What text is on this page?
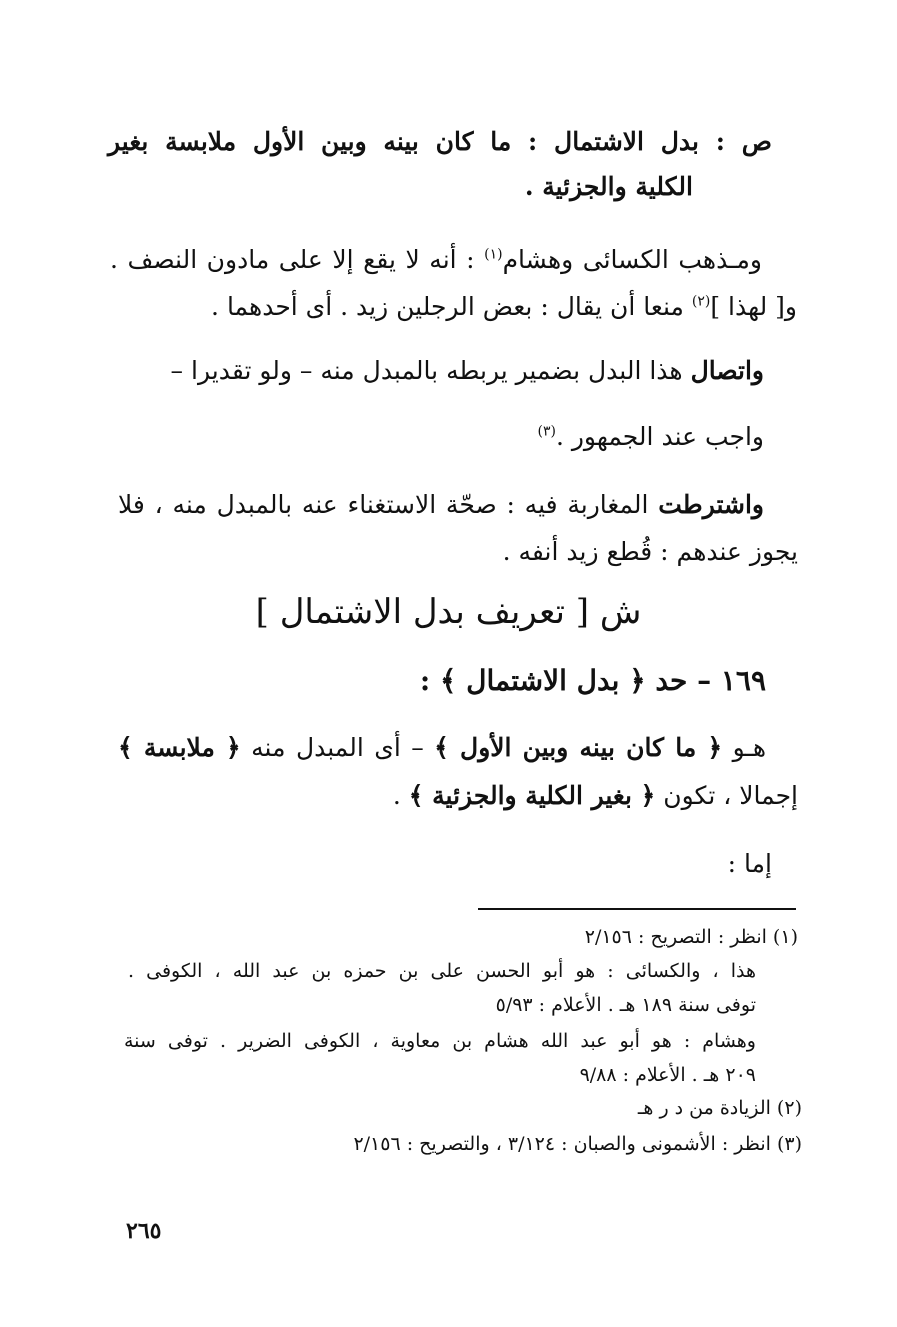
ص : بدل الاشتمال : ما كان بينه وبين الأول ملابسة بغير
الكلية والجزئية .
ومـذهب الكسائى وهشام$^{(١)}$ : أنه لا يقع إلا على مادون النصف .
و[ لهذا ]$^{(٢)}$ منعا أن يقال : بعض الرجلين زيد . أى أحدهما .
واتصال هذا البدل بضمير يربطه بالمبدل منه – ولو تقديرا –
واجب عند الجمهور .$^{(٣)}$
واشترطت المغاربة فيه : صحّة الاستغناء عنه بالمبدل منه ، فلا
يجوز عندهم : قُطع زيد أنفه .
ش [ تعريف بدل الاشتمال ]
١٦٩ – حد ﴿ بدل الاشتمال ﴾ :
هـو ﴿ ما كان بينه وبين الأول ﴾ – أى المبدل منه ﴿ ملابسة ﴾
إجمالا ، تكون ﴿ بغير الكلية والجزئية ﴾ .
إما :
(١) انظر : التصريح : ٢/١٥٦
هذا ، والكسائى : هو أبو الحسن على بن حمزه بن عبد الله ، الكوفى .
توفى سنة ١٨٩ هـ . الأعلام : ٥/٩٣
وهشام : هو أبو عبد الله هشام بن معاوية ، الكوفى الضرير . توفى سنة
٢٠٩ هـ . الأعلام : ٩/٨٨
(٢) الزيادة من د ر هـ
(٣) انظر : الأشمونى والصبان : ٣/١٢٤ ، والتصريح : ٢/١٥٦
٢٦٥
